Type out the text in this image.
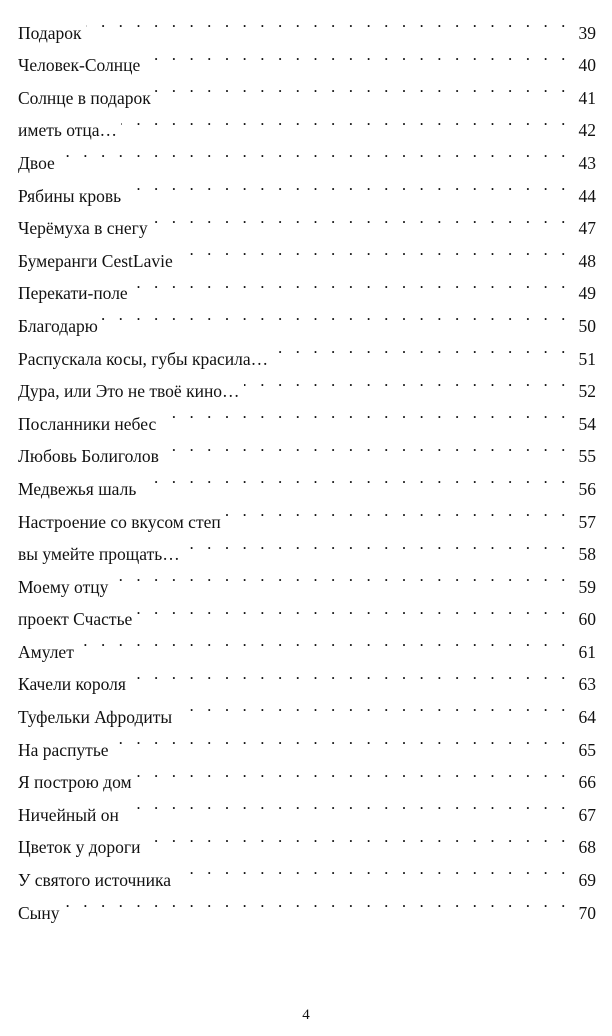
Подарок . . .	39
Человек-Солнце . . .	40
Солнце в подарок . . .	41
иметь отца… . . .	42
Двое . . .	43
Рябины кровь . . .	44
Черёмуха в снегу . . .	47
Бумеранги CestLavie . . .	48
Перекати-поле . . .	49
Благодарю . . .	50
Распускала косы, губы красила… . . .	51
Дура, или Это не твоё кино… . . .	52
Посланники небес . . .	54
Любовь Болиголов . . .	55
Медвежья шаль . . .	56
Настроение со вкусом степ . . .	57
вы умейте прощать… . . .	58
Моему отцу . . .	59
проект Счастье . . .	60
Амулет . . .	61
Качели короля . . .	63
Туфельки Афродиты . . .	64
На распутье . . .	65
Я построю дом . . .	66
Ничейный он . . .	67
Цветок у дороги . . .	68
У святого источника . . .	69
Сыну . . .	70
4
